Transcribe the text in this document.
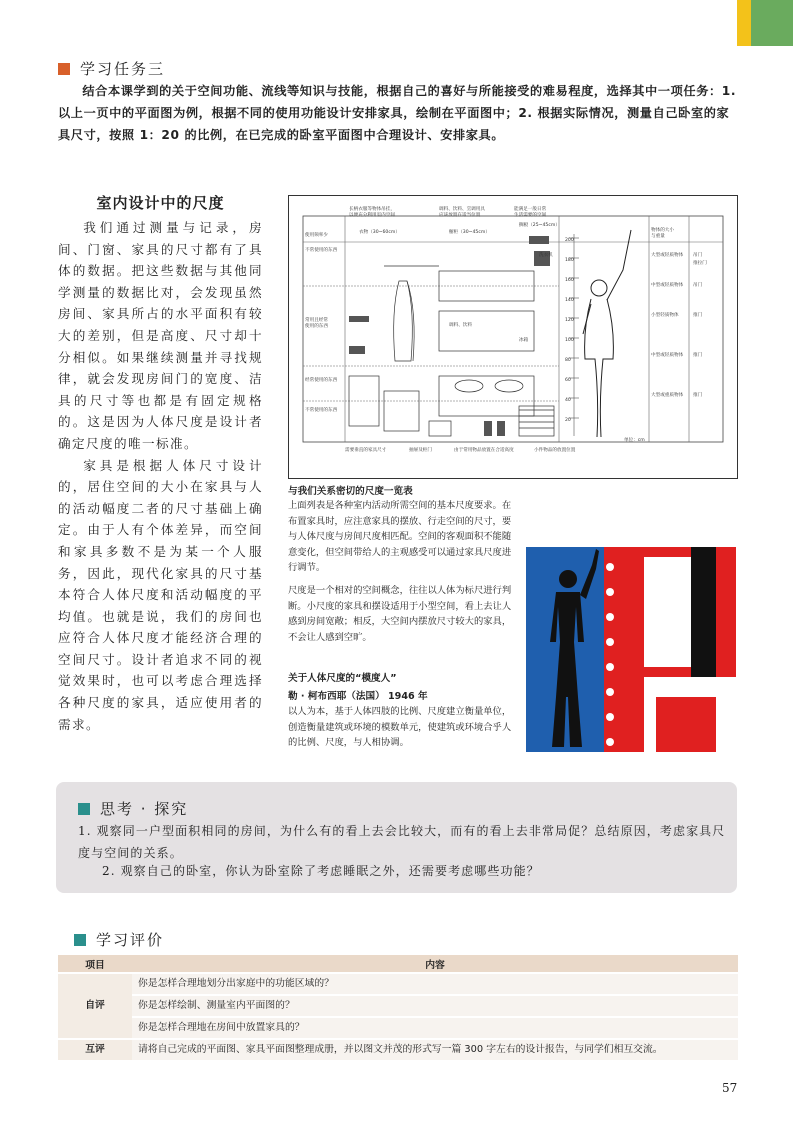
学习任务三

结合本课学到的关于空间功能、流线等知识与技能，根据自己的喜好与所能接受的难易程度，选择其中一项任务：1. 以上一页中的平面图为例，根据不同的使用功能设计安排家具，绘制在平面图中；2. 根据实际情况，测量自己卧室的家具尺寸，按照 1：20 的比例，在已完成的卧室平面图中合理设计、安排家具。

室内设计中的尺度

我们通过测量与记录，房间、门窗、家具的尺寸都有了具体的数据。把这些数据与其他同学测量的数据比对，会发现虽然房间、家具所占的水平面积有较大的差别，但是高度、尺寸却十分相似。如果继续测量并寻找规律，就会发现房间门的宽度、洁具的尺寸等也都是有固定规格的。这是因为人体尺度是设计者确定尺度的唯一标准。

家具是根据人体尺寸设计的，居住空间的大小在家具与人的活动幅度二者的尺寸基础上确定。由于人有个体差异，而空间和家具多数不是为某一个人服务，因此，现代化家具的尺寸基本符合人体尺度和活动幅度的平均值。也就是说，我们的房间也应符合人体尺度才能经济合理的空间尺寸。设计者追求不同的视觉效果时，也可以考虑合理选择各种尺度的家具，适应使用者的需求。

长柄衣服等物体吊挂，
以便充分利用室内空间
调料、饮料、烹调用具
应该放置在适当位置
能满足一般日常
生活需要的空间
使用频率少
不常使用的东西
常用且经常
使用的东西
经常使用的东西
不常使用的东西
衣物（30~60cm）	橱柜（30~45cm）
搁板（25~45cm）
洗衣机
调料、饮料
冰箱
200
180
160
140
120
100
80
60
40
20
单位：cm
物体的大小
与重量
大型或轻质物体
中型或轻质物体
小型轻质物体
中型或轻质物体
大型或重质物体
吊门
推拉门
吊门
推门
推门
推门
需要垂直的家具尺寸	抽屉及柜门	由于常用物品放置在合适高度	小件物品的放置位置
与我们关系密切的尺度一览表

上面列表是各种室内活动所需空间的基本尺度要求。在布置家具时，应注意家具的摆放、行走空间的尺寸，要与人体尺度与房间尺度相匹配。空间的客观面积不能随意变化，但空间带给人的主观感受可以通过家具尺度进行调节。

尺度是一个相对的空间概念，往往以人体为标尺进行判断。小尺度的家具和摆设适用于小型空间，看上去让人感到房间宽敞；相反，大空间内摆放尺寸较大的家具，不会让人感到空旷。

关于人体尺度的“模度人”
勒 · 柯布西耶（法国） 1946 年

以人为本，基于人体四肢的比例、尺度建立衡量单位，创造衡量建筑或环境的模数单元，使建筑或环境合乎人的比例、尺度，与人相协调。

思考 · 探究

1. 观察同一户型面积相同的房间，为什么有的看上去会比较大，而有的看上去非常局促？总结原因，考虑家具尺度与空间的关系。

2. 观察自己的卧室，你认为卧室除了考虑睡眠之外，还需要考虑哪些功能？

学习评价
项目	内容
自评	你是怎样合理地划分出家庭中的功能区域的？
	你是怎样绘制、测量室内平面图的？
	你是怎样合理地在房间中放置家具的？
互评	请将自己完成的平面图、家具平面图整理成册，并以图文并茂的形式写一篇 300 字左右的设计报告，与同学们相互交流。
57
